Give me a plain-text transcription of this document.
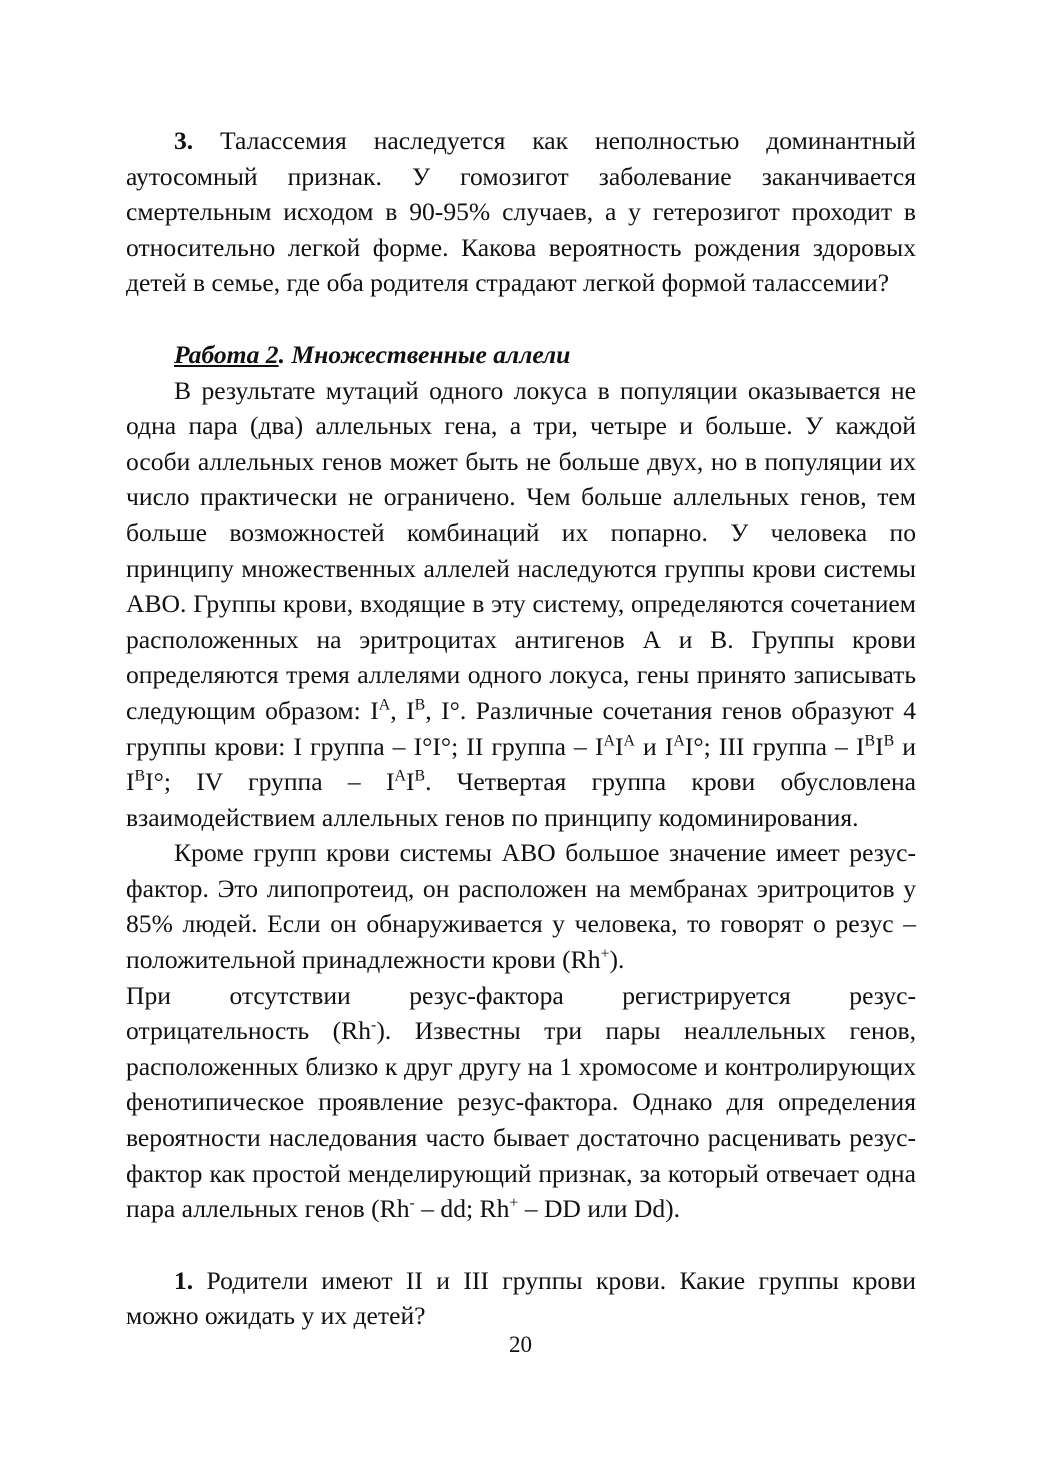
3. Талассемия наследуется как неполностью доминантный аутосомный признак. У гомозигот заболевание заканчивается смертельным исходом в 90-95% случаев, а у гетерозигот проходит в относительно легкой форме. Какова вероятность рождения здоровых детей в семье, где оба родителя страдают легкой формой талассемии?

Работа 2. Множественные аллели

В результате мутаций одного локуса в популяции оказывается не одна пара (два) аллельных гена, а три, четыре и больше. У каждой особи аллельных генов может быть не больше двух, но в популяции их число практически не ограничено. Чем больше аллельных генов, тем больше возможностей комбинаций их попарно. У человека по принципу множественных аллелей наследуются группы крови системы АВО. Группы крови, входящие в эту систему, определяются сочетанием расположенных на эритроцитах антигенов А и В. Группы крови определяются тремя аллелями одного локуса, гены принято записывать следующим образом: $I^A$, $I^B$, I°. Различные сочетания генов образуют 4 группы крови: I группа – I°I°; II группа – $I^AI^A$ и $I^AI^\circ$; III группа – $I^BI^B$ и $I^BI^\circ$; IV группа – $I^AI^B$. Четвертая группа крови обусловлена взаимодействием аллельных генов по принципу кодоминирования.

Кроме групп крови системы АВО большое значение имеет резус-фактор. Это липопротеид, он расположен на мембранах эритроцитов у 85% людей. Если он обнаруживается у человека, то говорят о резус – положительной принадлежности крови (Rh+).

При отсутствии резус-фактора регистрируется резус-

отрицательность (Rh-). Известны три пары неаллельных генов, расположенных близко к друг другу на 1 хромосоме и контролирующих фенотипическое проявление резус-фактора. Однако для определения вероятности наследования часто бывает достаточно расценивать резус-фактор как простой менделирующий признак, за который отвечает одна пара аллельных генов (Rh- – dd; Rh+ – DD или Dd).

1. Родители имеют II и III группы крови. Какие группы крови можно ожидать у их детей?

20
